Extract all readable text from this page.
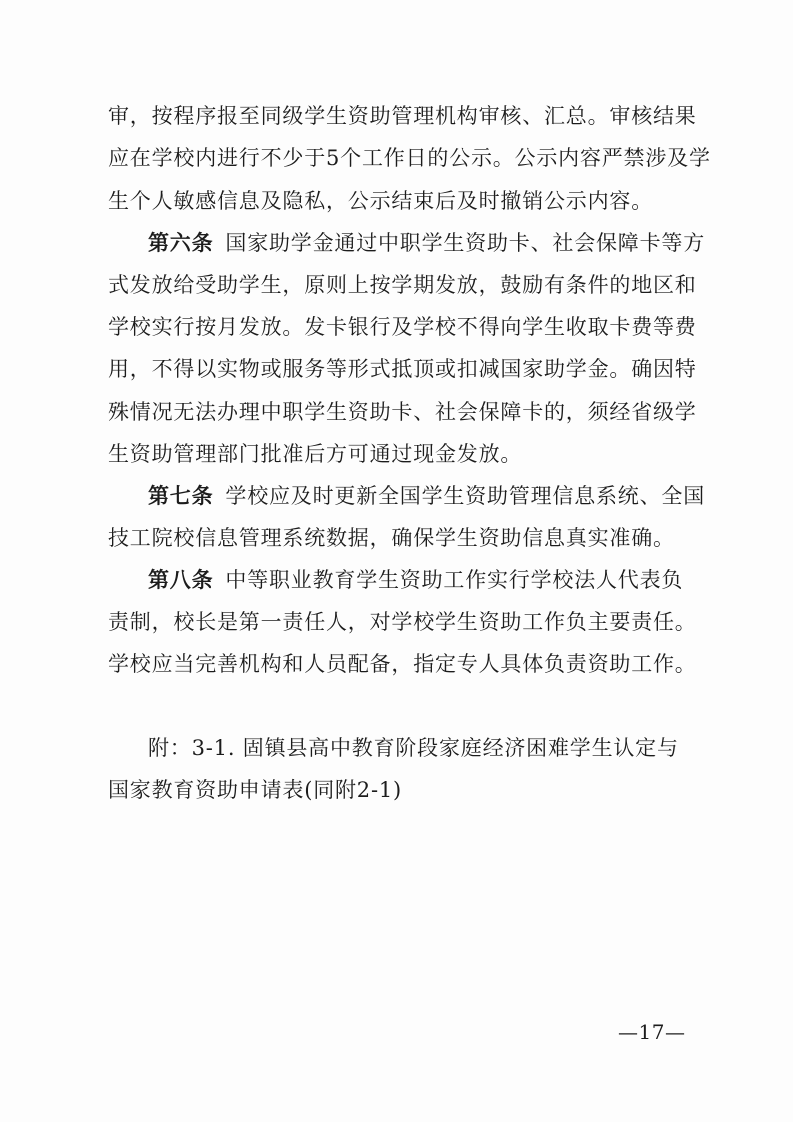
审，按程序报至同级学生资助管理机构审核、汇总。审核结果
应在学校内进行不少于5个工作日的公示。公示内容严禁涉及学
生个人敏感信息及隐私，公示结束后及时撤销公示内容。
第六条 国家助学金通过中职学生资助卡、社会保障卡等方
式发放给受助学生，原则上按学期发放，鼓励有条件的地区和
学校实行按月发放。发卡银行及学校不得向学生收取卡费等费
用，不得以实物或服务等形式抵顶或扣减国家助学金。确因特
殊情况无法办理中职学生资助卡、社会保障卡的，须经省级学
生资助管理部门批准后方可通过现金发放。
第七条 学校应及时更新全国学生资助管理信息系统、全国
技工院校信息管理系统数据，确保学生资助信息真实准确。
第八条 中等职业教育学生资助工作实行学校法人代表负
责制，校长是第一责任人，对学校学生资助工作负主要责任。
学校应当完善机构和人员配备，指定专人具体负责资助工作。
附：3-1. 固镇县高中教育阶段家庭经济困难学生认定与
国家教育资助申请表(同附2-1)
—17—
